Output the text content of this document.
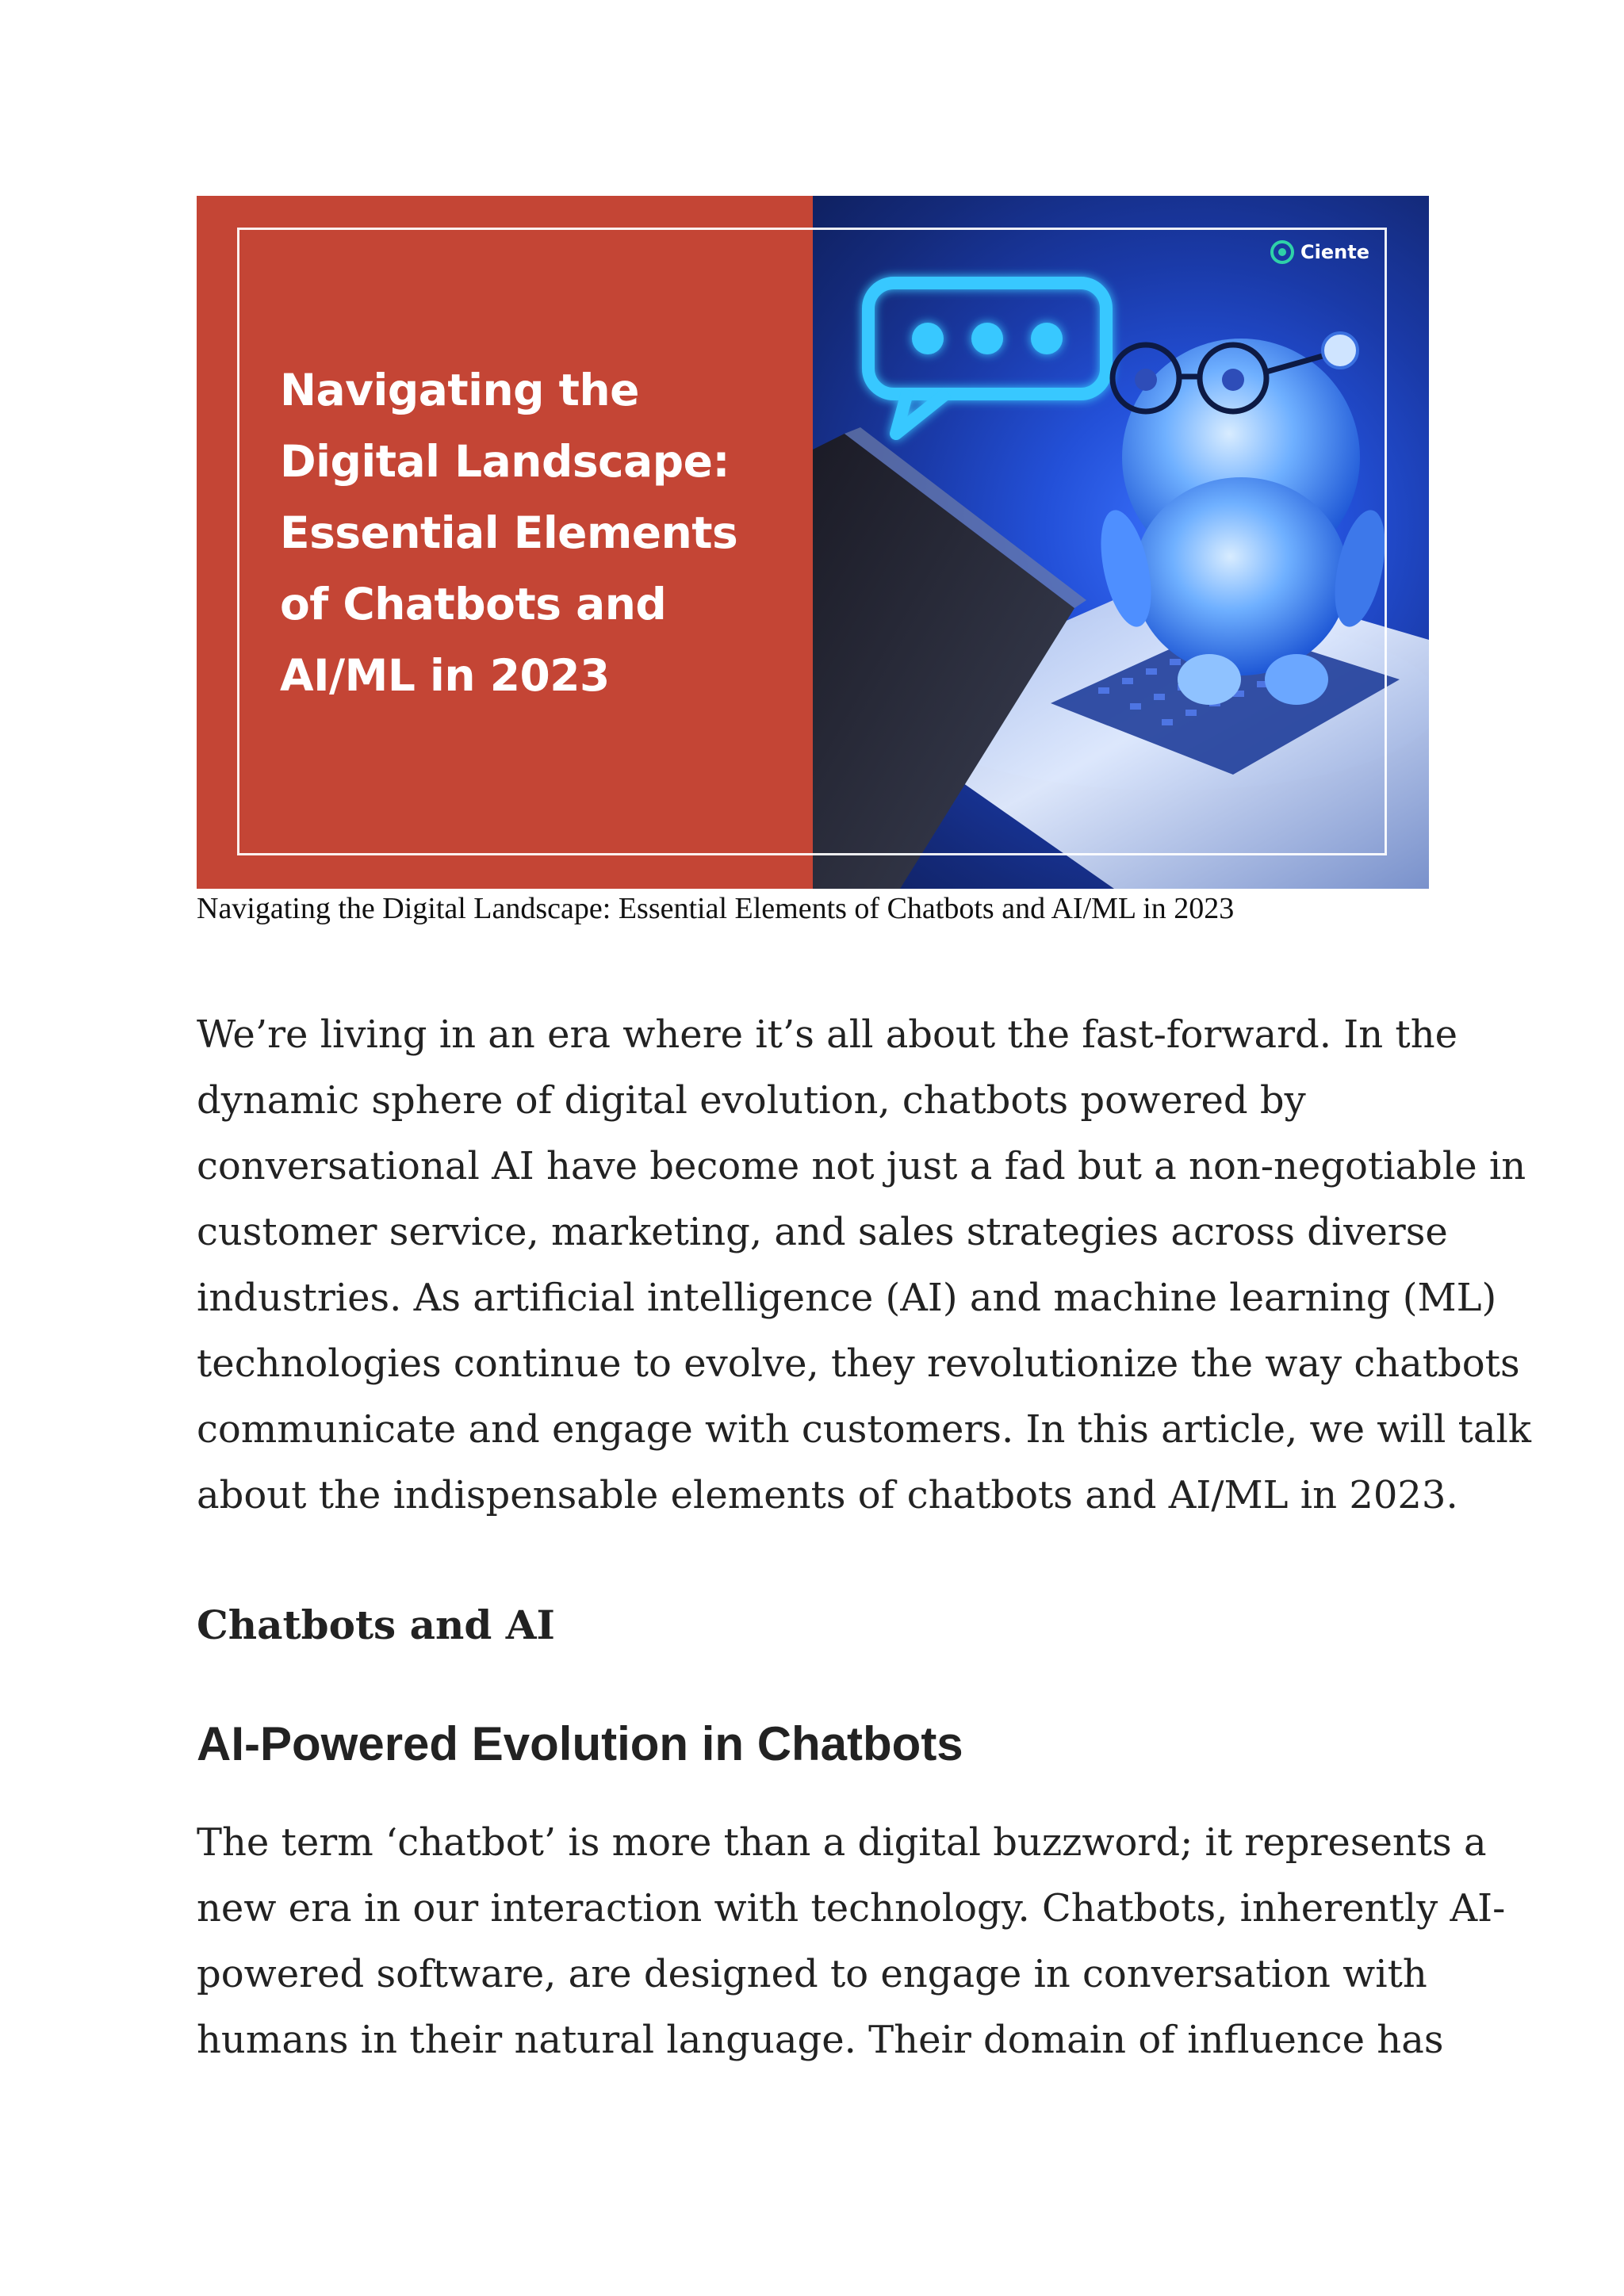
Ciente
Navigating the
Digital Landscape:
Essential Elements
of Chatbots and
AI/ML in 2023
Navigating the Digital Landscape: Essential Elements of Chatbots and AI/ML in 2023

We’re living in an era where it’s all about the fast-forward. In the
dynamic sphere of digital evolution, chatbots powered by
conversational AI have become not just a fad but a non-negotiable in
customer service, marketing, and sales strategies across diverse
industries. As artificial intelligence (AI) and machine learning (ML)
technologies continue to evolve, they revolutionize the way chatbots
communicate and engage with customers. In this article, we will talk
about the indispensable elements of chatbots and AI/ML in 2023.

Chatbots and AI
AI-Powered Evolution in Chatbots

The term ‘chatbot’ is more than a digital buzzword; it represents a
new era in our interaction with technology. Chatbots, inherently AI-
powered software, are designed to engage in conversation with
humans in their natural language. Their domain of influence has
